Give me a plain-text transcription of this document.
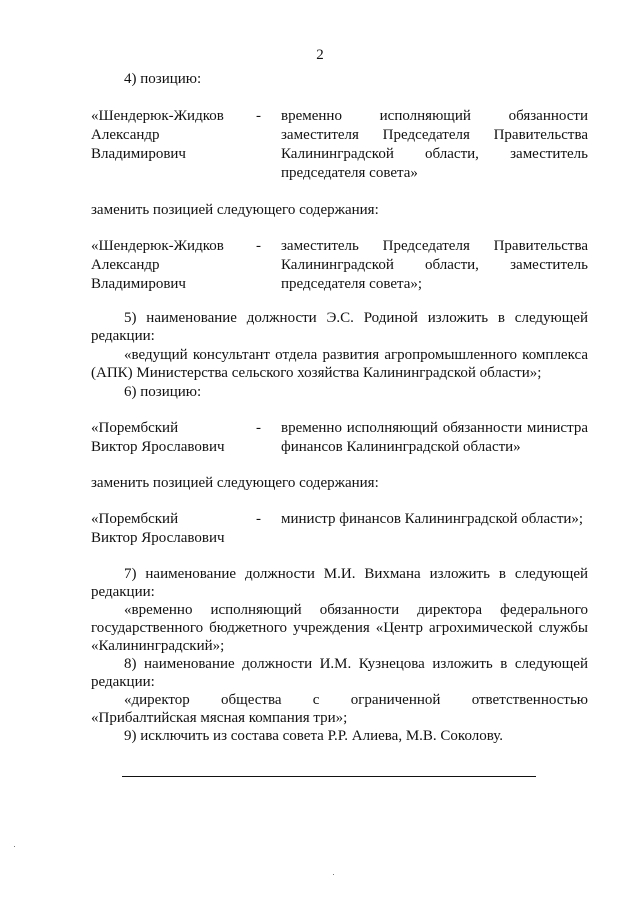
2
4) позицию:
«Шендерюк-Жидков
Александр
Владимирович
- временно исполняющий обязанности
заместителя Председателя Правительства
Калининградской области, заместитель
председателя совета»
заменить позицией следующего содержания:
«Шендерюк-Жидков
Александр
Владимирович
- заместитель Председателя Правительства
Калининградской области, заместитель
председателя совета»;
5) наименование должности Э.С. Родиной изложить в следующей
редакции:
«ведущий консультант отдела развития агропромышленного комплекса
(АПК) Министерства сельского хозяйства Калининградской области»;
6) позицию:
«Порембский
Виктор Ярославович
- временно исполняющий обязанности министра
финансов Калининградской области»
заменить позицией следующего содержания:
«Порембский
Виктор Ярославович
- министр финансов Калининградской области»;
7) наименование должности М.И. Вихмана изложить в следующей
редакции:
«временно исполняющий обязанности директора федерального
государственного бюджетного учреждения «Центр агрохимической службы
«Калининградский»;
8) наименование должности И.М. Кузнецова изложить в следующей
редакции:
«директор общества с ограниченной ответственностью
«Прибалтийская мясная компания три»;
9) исключить из состава совета Р.Р. Алиева, М.В. Соколову.
